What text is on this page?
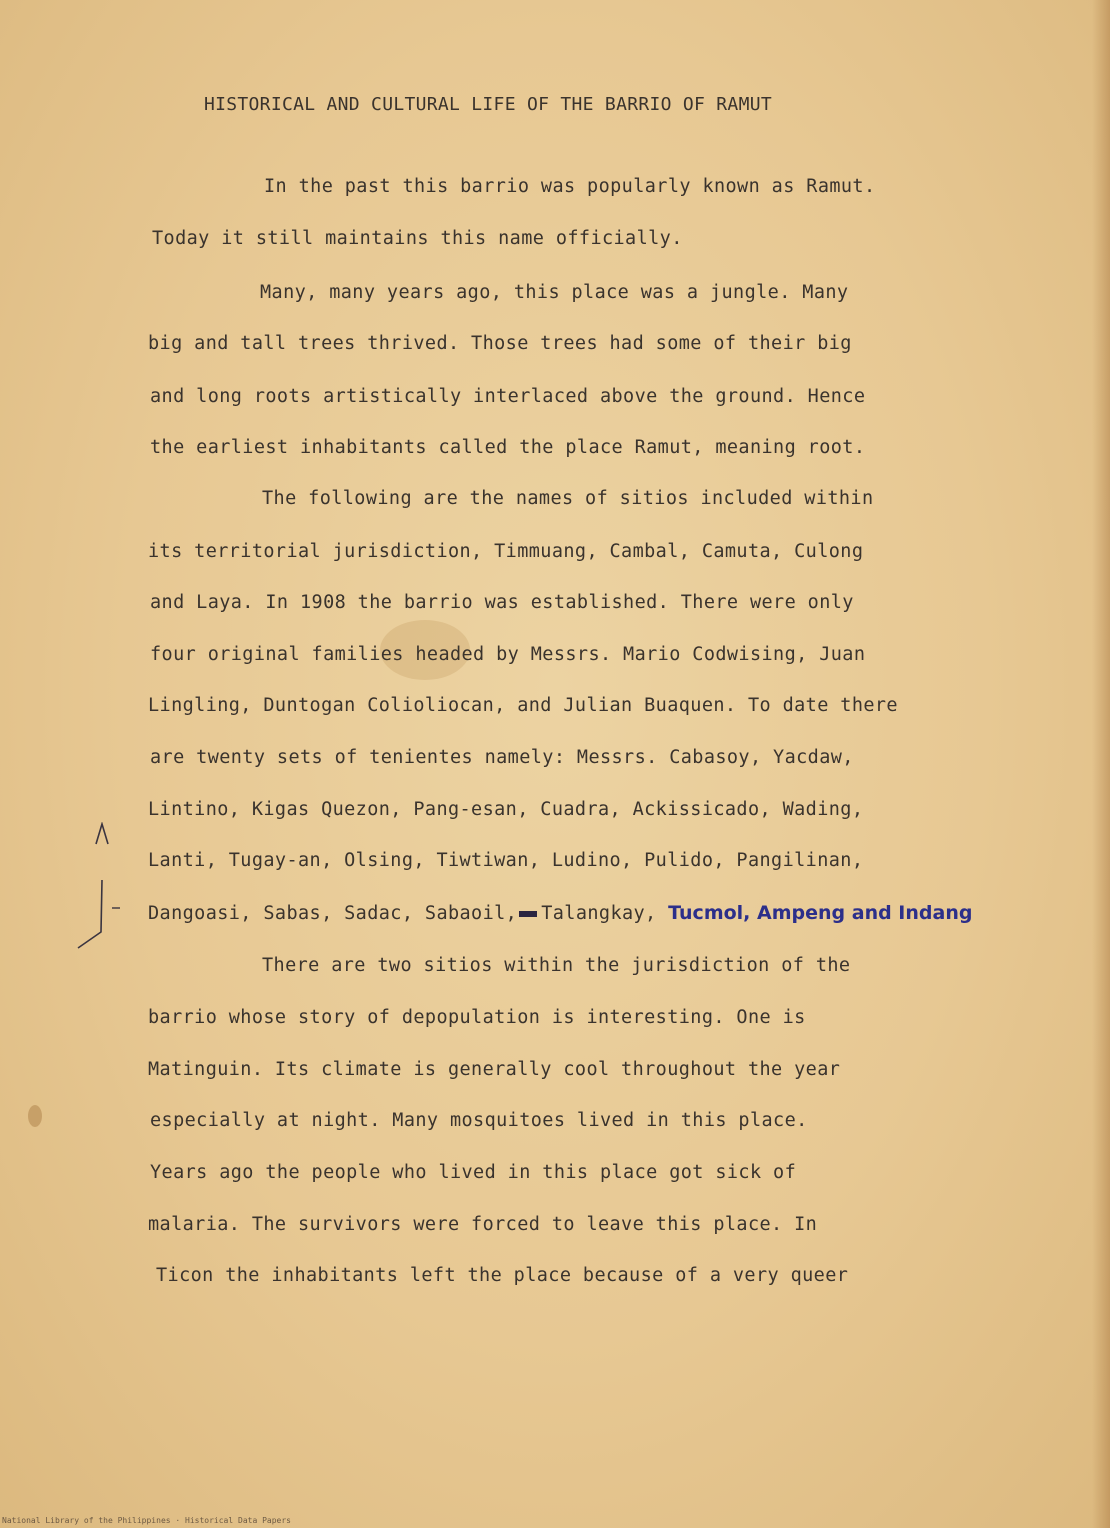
HISTORICAL AND CULTURAL LIFE OF THE BARRIO OF RAMUT
In the past this barrio was popularly known as Ramut.
Today it still maintains this name officially.
Many, many years ago, this place was a jungle. Many
big and tall trees thrived. Those trees had some of their big
and long roots artistically interlaced above the ground. Hence
the earliest inhabitants called the place Ramut, meaning root.
The following are the names of sitios included within
its territorial jurisdiction, Timmuang, Cambal, Camuta, Culong
and Laya. In 1908 the barrio was established. There were only
four original families headed by Messrs. Mario Codwising, Juan
Lingling, Duntogan Colioliocan, and Julian Buaquen. To date there
are twenty sets of tenientes namely: Messrs. Cabasoy, Yacdaw,
Lintino, Kigas Quezon, Pang-esan, Cuadra, Ackissicado, Wading,
Lanti, Tugay-an, Olsing, Tiwtiwan, Ludino, Pulido, Pangilinan,
Dangoasi, Sabas, Sadac, Sabaoil, Talangkay, Tucmol, Ampeng and Indang
There are two sitios within the jurisdiction of the
barrio whose story of depopulation is interesting. One is
Matinguin. Its climate is generally cool throughout the year
especially at night. Many mosquitoes lived in this place.
Years ago the people who lived in this place got sick of
malaria. The survivors were forced to leave this place. In
Ticon the inhabitants left the place because of a very queer
National Library of the Philippines · Historical Data Papers
